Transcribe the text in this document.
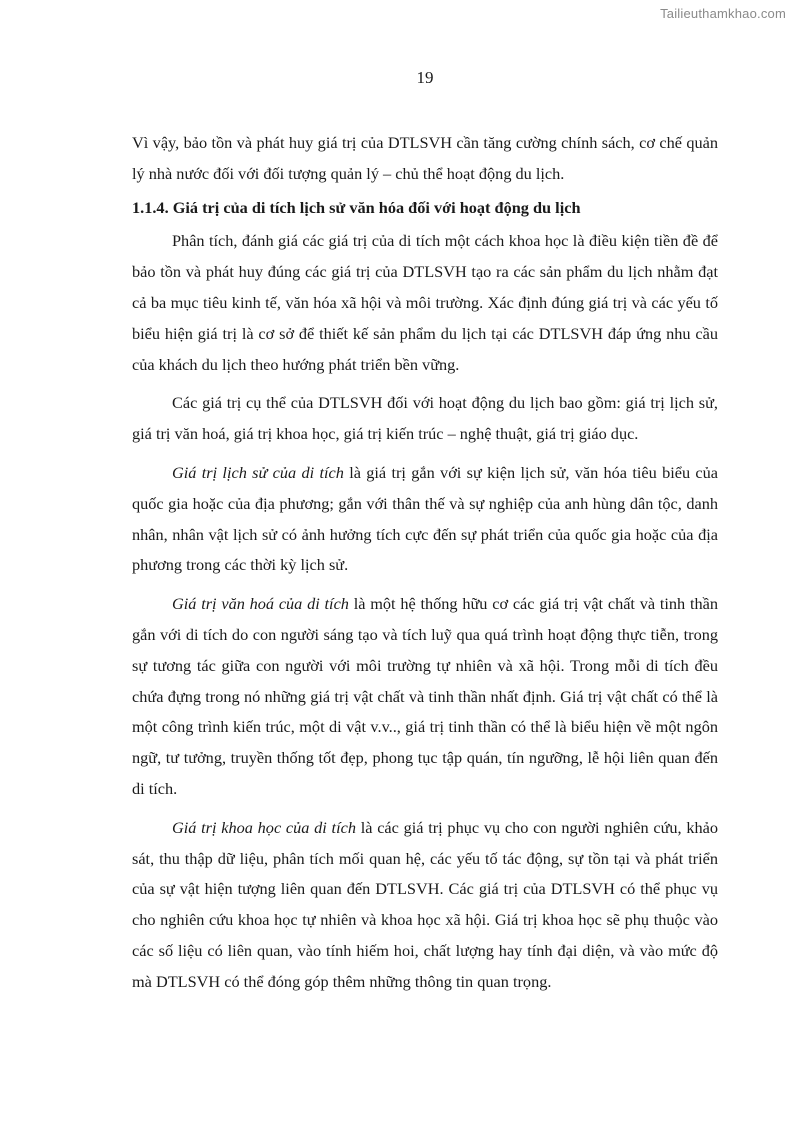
Tailieuthamkhao.com
19

Vì vậy, bảo tồn và phát huy giá trị của DTLSVH cần tăng cường chính sách, cơ chế quản lý nhà nước đối với đối tượng quản lý – chủ thể hoạt động du lịch.

1.1.4. Giá trị của di tích lịch sử văn hóa đối với hoạt động du lịch

Phân tích, đánh giá các giá trị của di tích một cách khoa học là điều kiện tiền đề để bảo tồn và phát huy đúng các giá trị của DTLSVH tạo ra các sản phẩm du lịch nhằm đạt cả ba mục tiêu kinh tế, văn hóa xã hội và môi trường. Xác định đúng giá trị và các yếu tố biểu hiện giá trị là cơ sở để thiết kế sản phẩm du lịch tại các DTLSVH đáp ứng nhu cầu của khách du lịch theo hướng phát triển bền vững.

Các giá trị cụ thể của DTLSVH đối với hoạt động du lịch bao gồm: giá trị lịch sử, giá trị văn hoá, giá trị khoa học, giá trị kiến trúc – nghệ thuật, giá trị giáo dục.

Giá trị lịch sử của di tích là giá trị gắn với sự kiện lịch sử, văn hóa tiêu biểu của quốc gia hoặc của địa phương; gắn với thân thế và sự nghiệp của anh hùng dân tộc, danh nhân, nhân vật lịch sử có ảnh hưởng tích cực đến sự phát triển của quốc gia hoặc của địa phương trong các thời kỳ lịch sử.

Giá trị văn hoá của di tích là một hệ thống hữu cơ các giá trị vật chất và tinh thần gắn với di tích do con người sáng tạo và tích luỹ qua quá trình hoạt động thực tiễn, trong sự tương tác giữa con người với môi trường tự nhiên và xã hội. Trong mỗi di tích đều chứa đựng trong nó những giá trị vật chất và tinh thần nhất định. Giá trị vật chất có thể là một công trình kiến trúc, một di vật v.v.., giá trị tinh thần có thể là biểu hiện về một ngôn ngữ, tư tưởng, truyền thống tốt đẹp, phong tục tập quán, tín ngưỡng, lễ hội liên quan đến di tích.

Giá trị khoa học của di tích là các giá trị phục vụ cho con người nghiên cứu, khảo sát, thu thập dữ liệu, phân tích mối quan hệ, các yếu tố tác động, sự tồn tại và phát triển của sự vật hiện tượng liên quan đến DTLSVH. Các giá trị của DTLSVH có thể phục vụ cho nghiên cứu khoa học tự nhiên và khoa học xã hội. Giá trị khoa học sẽ phụ thuộc vào các số liệu có liên quan, vào tính hiếm hoi, chất lượng hay tính đại diện, và vào mức độ mà DTLSVH có thể đóng góp thêm những thông tin quan trọng.
